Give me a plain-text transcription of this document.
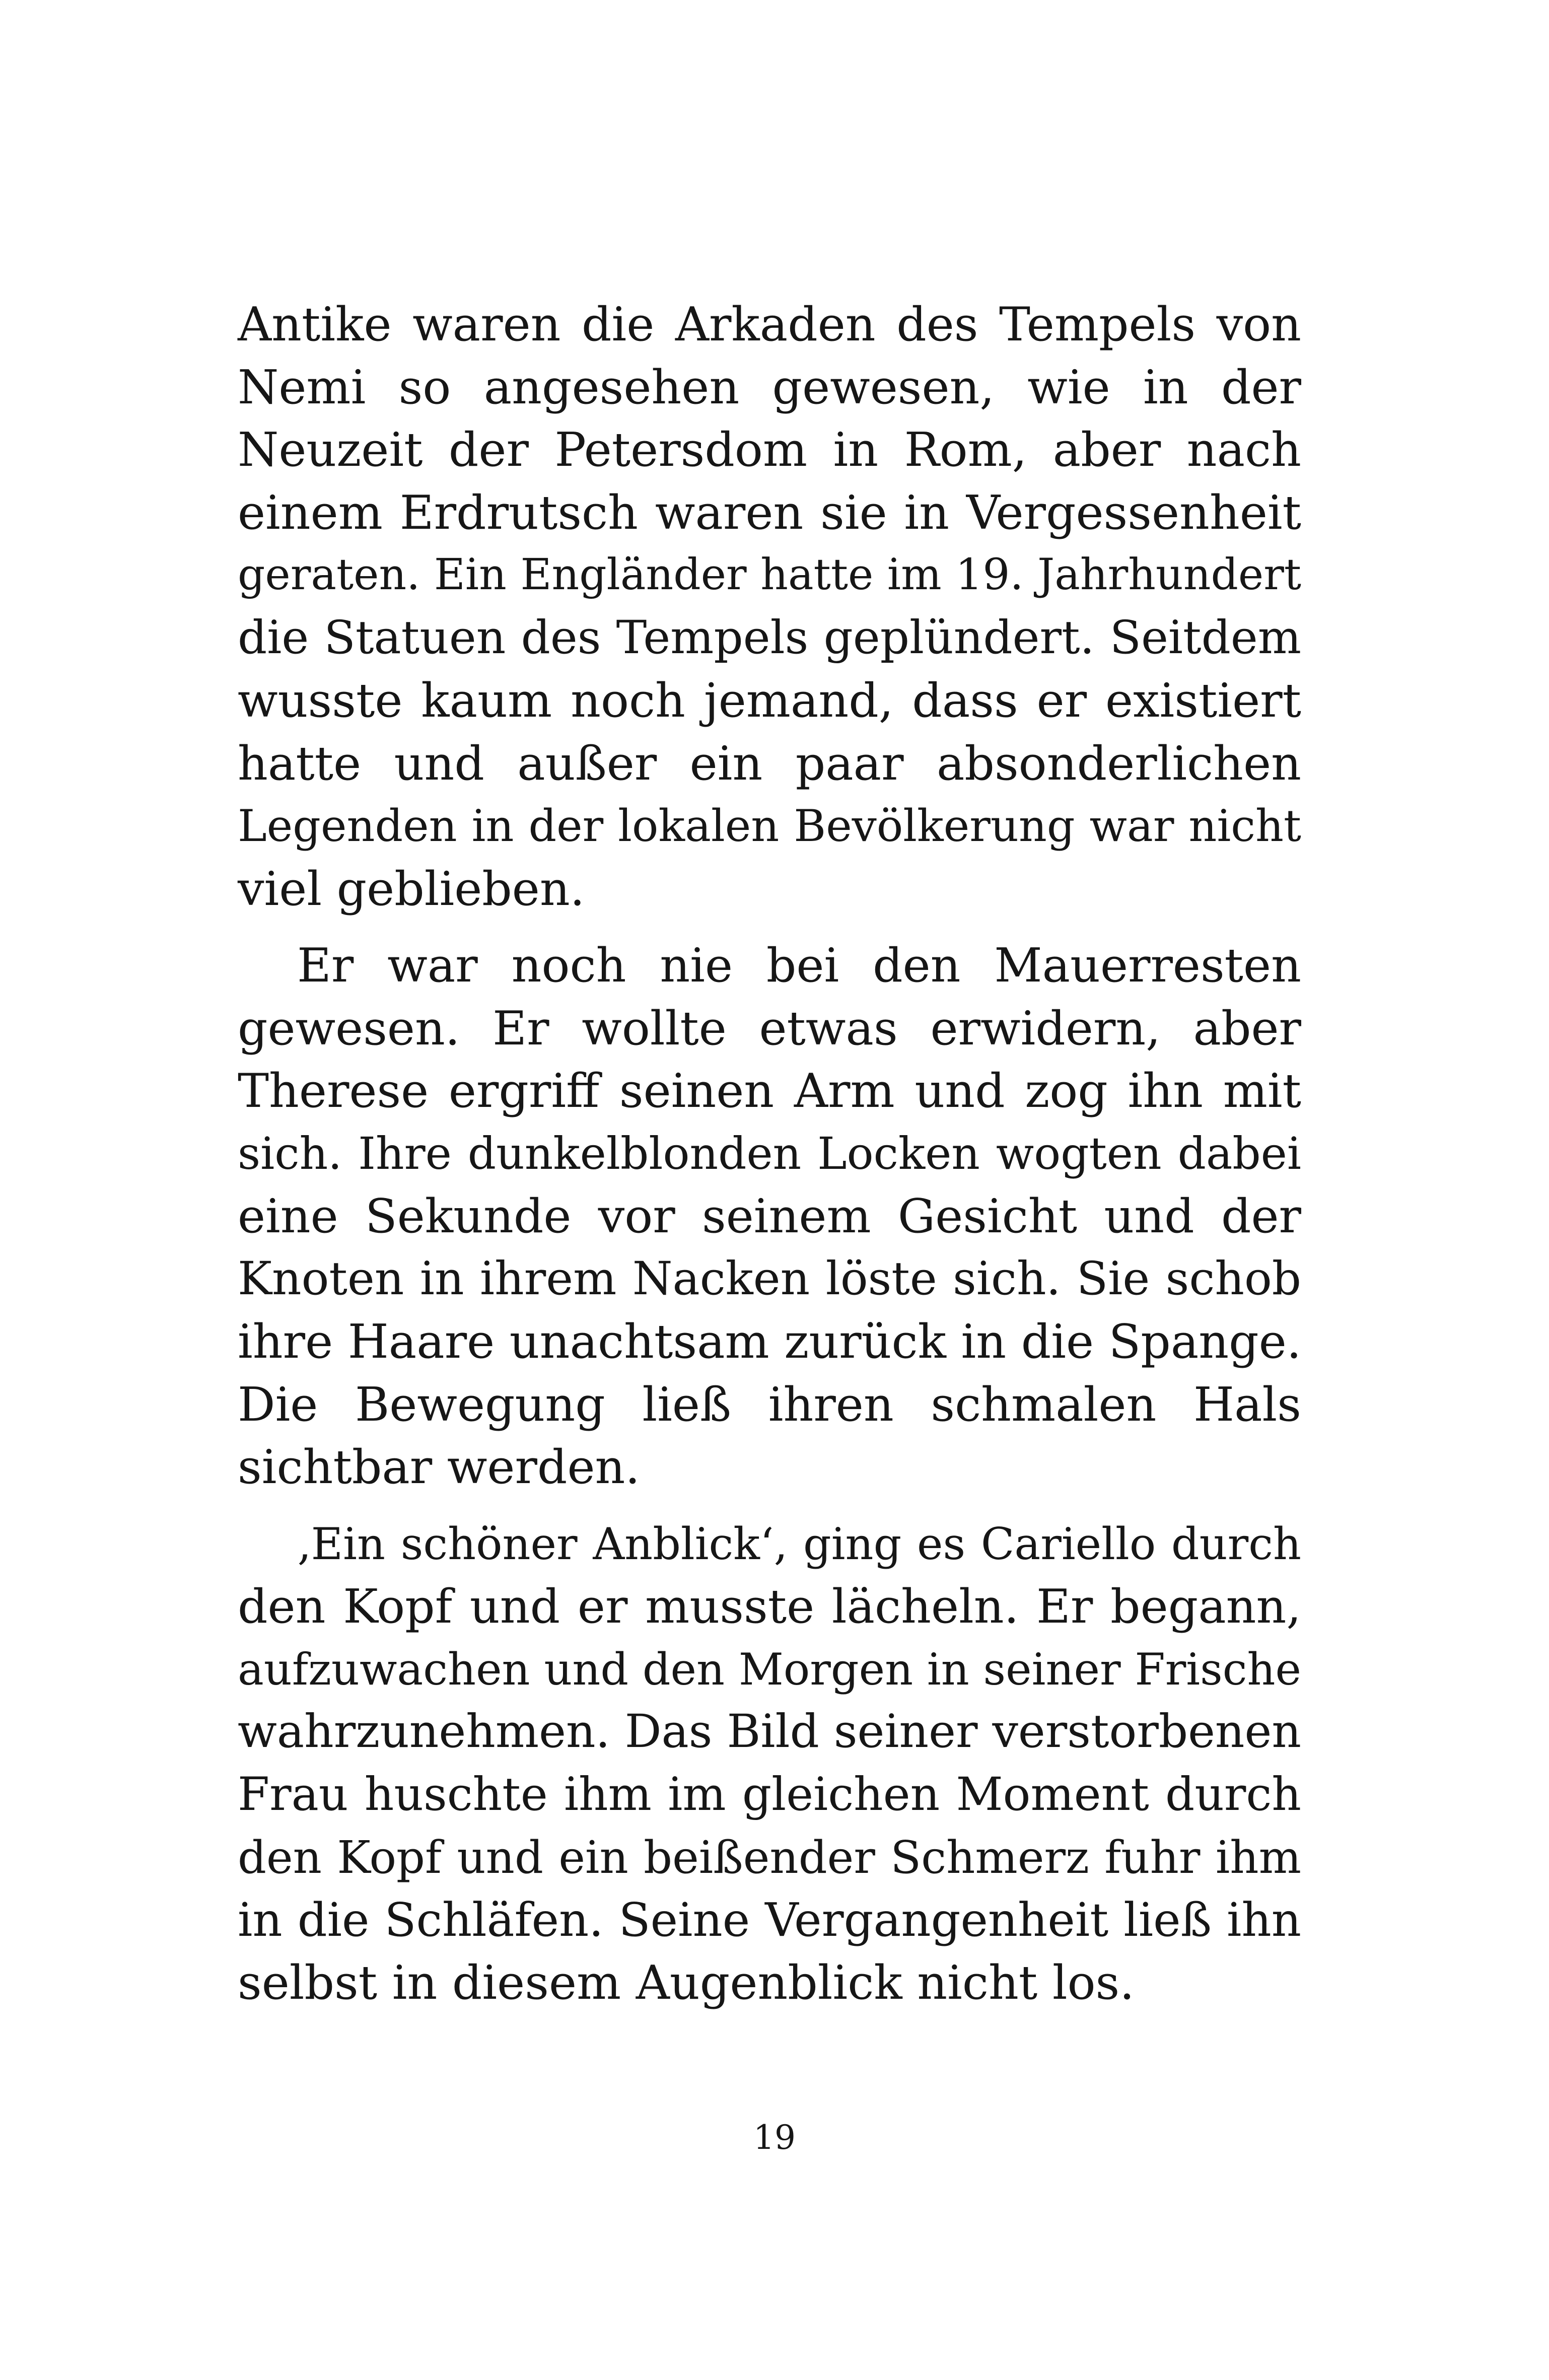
Antike waren die Arkaden des Tempels von
Nemi so angesehen gewesen, wie in der
Neuzeit der Petersdom in Rom, aber nach
einem Erdrutsch waren sie in Vergessenheit
geraten. Ein Engländer hatte im 19. Jahrhundert
die Statuen des Tempels geplündert. Seitdem
wusste kaum noch jemand, dass er existiert
hatte und außer ein paar absonderlichen
Legenden in der lokalen Bevölkerung war nicht
viel geblieben.
Er war noch nie bei den Mauerresten
gewesen. Er wollte etwas erwidern, aber
Therese ergriff seinen Arm und zog ihn mit
sich. Ihre dunkelblonden Locken wogten dabei
eine Sekunde vor seinem Gesicht und der
Knoten in ihrem Nacken löste sich. Sie schob
ihre Haare unachtsam zurück in die Spange.
Die Bewegung ließ ihren schmalen Hals
sichtbar werden.
‚Ein schöner Anblick‘, ging es Cariello durch
den Kopf und er musste lächeln. Er begann,
aufzuwachen und den Morgen in seiner Frische
wahrzunehmen. Das Bild seiner verstorbenen
Frau huschte ihm im gleichen Moment durch
den Kopf und ein beißender Schmerz fuhr ihm
in die Schläfen. Seine Vergangenheit ließ ihn
selbst in diesem Augenblick nicht los.
19
